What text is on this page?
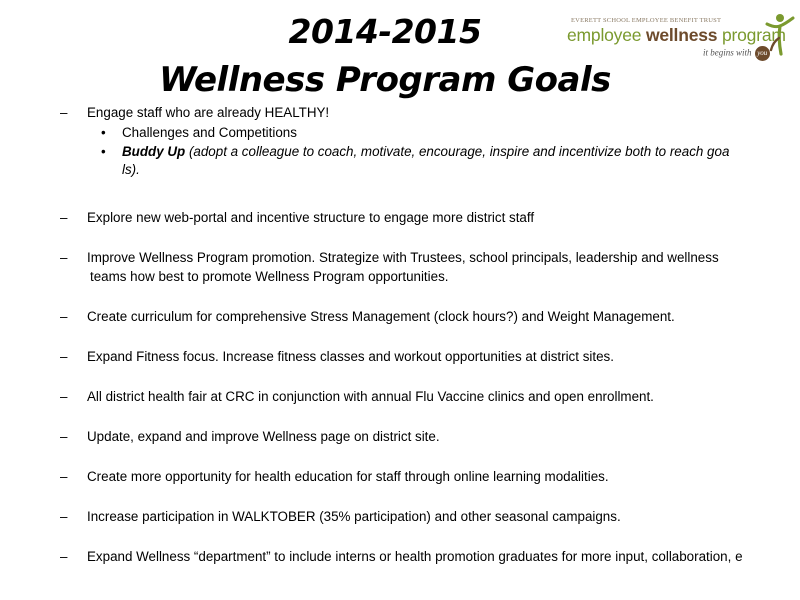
2014-2015
Wellness Program Goals
EVERETT SCHOOL EMPLOYEE BENEFIT TRUST
employee wellness program
it begins with you
– Engage staff who are already HEALTHY!
• Challenges and Competitions
• Buddy Up (adopt a colleague to coach, motivate, encourage, inspire and incentivize both to reach goa
ls).
– Explore new web-portal and incentive structure to engage more district staff
– Improve Wellness Program promotion. Strategize with Trustees, school principals, leadership and wellness
teams how best to promote Wellness Program opportunities.
– Create curriculum for comprehensive Stress Management (clock hours?) and Weight Management.
– Expand Fitness focus. Increase fitness classes and workout opportunities at district sites.
– All district health fair at CRC in conjunction with annual Flu Vaccine clinics and open enrollment.
– Update, expand and improve Wellness page on district site.
– Create more opportunity for health education for staff through online learning modalities.
– Increase participation in WALKTOBER (35% participation) and other seasonal campaigns.
– Expand Wellness “department” to include interns or health promotion graduates for more input, collaboration, e
